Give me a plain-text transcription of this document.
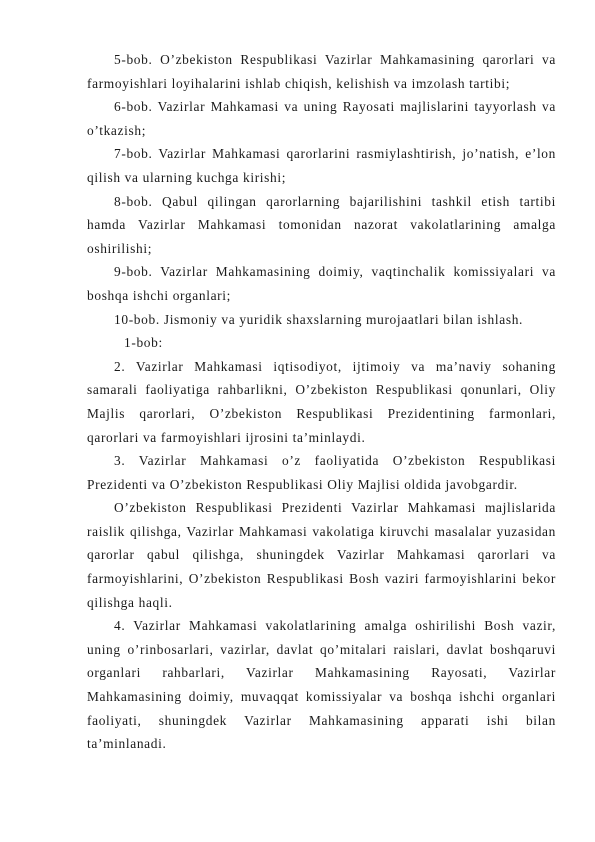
5-bob. O’zbekiston Respublikasi Vazirlar Mahkamasining qarorlari va farmoyishlari loyihalarini ishlab chiqish, kelishish va imzolash tartibi;

6-bob. Vazirlar Mahkamasi va uning Rayosati majlislarini tayyorlash va o’tkazish;

7-bob. Vazirlar Mahkamasi qarorlarini rasmiylashtirish, jo’natish, e’lon qilish va ularning kuchga kirishi;

8-bob. Qabul qilingan qarorlarning bajarilishini tashkil etish tartibi hamda Vazirlar Mahkamasi tomonidan nazorat vakolatlarining amalga oshirilishi;

9-bob. Vazirlar Mahkamasining doimiy, vaqtinchalik komissiyalari va boshqa ishchi organlari;

10-bob. Jismoniy va yuridik shaxslarning murojaatlari bilan ishlash.

1-bob:

2. Vazirlar Mahkamasi iqtisodiyot, ijtimoiy va ma’naviy sohaning samarali faoliyatiga rahbarlikni, O’zbekiston Respublikasi qonunlari, Oliy Majlis qarorlari, O’zbekiston Respublikasi Prezidentining farmonlari, qarorlari va farmoyishlari ijrosini ta’minlaydi.

3. Vazirlar Mahkamasi o’z faoliyatida O’zbekiston Respublikasi Prezidenti va O’zbekiston Respublikasi Oliy Majlisi oldida javobgardir.

O’zbekiston Respublikasi Prezidenti Vazirlar Mahkamasi majlislarida raislik qilishga, Vazirlar Mahkamasi vakolatiga kiruvchi masalalar yuzasidan qarorlar qabul qilishga, shuningdek Vazirlar Mahkamasi qarorlari va farmoyishlarini, O’zbekiston Respublikasi Bosh vaziri farmoyishlarini bekor qilishga haqli.

4. Vazirlar Mahkamasi vakolatlarining amalga oshirilishi Bosh vazir, uning o’rinbosarlari, vazirlar, davlat qo’mitalari raislari, davlat boshqaruvi organlari rahbarlari, Vazirlar Mahkamasining Rayosati, Vazirlar Mahkamasining doimiy, muvaqqat komissiyalar va boshqa ishchi organlari faoliyati, shuningdek Vazirlar Mahkamasining apparati ishi bilan ta’minlanadi.
